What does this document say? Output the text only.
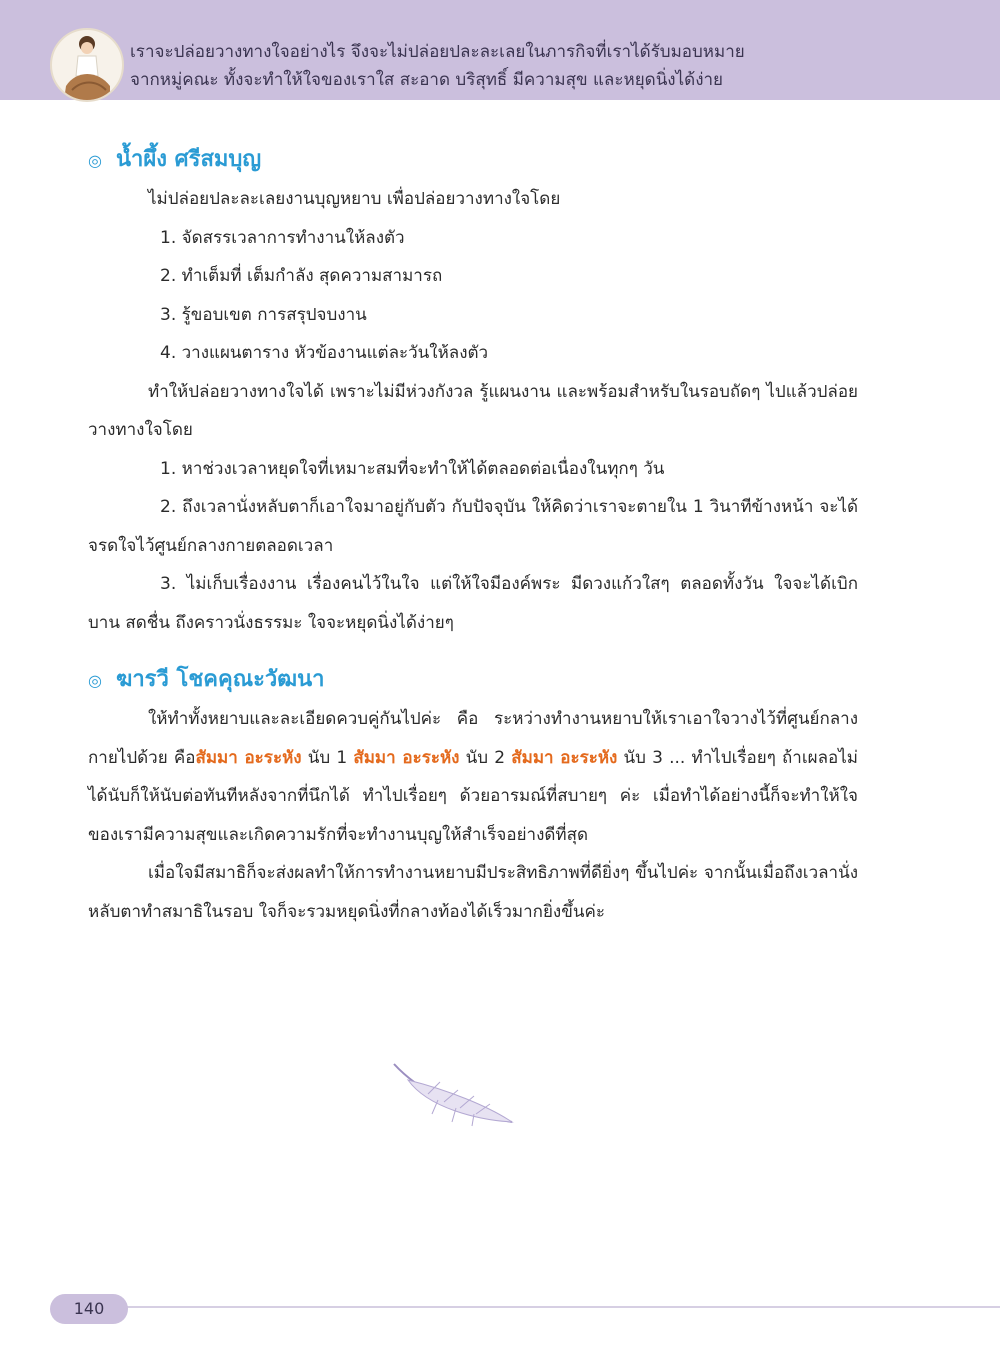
เราจะปล่อยวางทางใจอย่างไร จึงจะไม่ปล่อยปละละเลยในภารกิจที่เราได้รับมอบหมาย
จากหมู่คณะ ทั้งจะทำให้ใจของเราใส สะอาด บริสุทธิ์ มีความสุข และหยุดนิ่งได้ง่าย
◎ น้ำผึ้ง ศรีสมบุญ
ไม่ปล่อยปละละเลยงานบุญหยาบ เพื่อปล่อยวางทางใจโดย
1. จัดสรรเวลาการทำงานให้ลงตัว
2. ทำเต็มที่ เต็มกำลัง สุดความสามารถ
3. รู้ขอบเขต การสรุปจบงาน
4. วางแผนตาราง หัวข้องานแต่ละวันให้ลงตัว
ทำให้ปล่อยวางทางใจได้ เพราะไม่มีห่วงกังวล รู้แผนงาน และพร้อมสำหรับในรอบถัดๆ ไปแล้วปล่อยวางทางใจโดย
1. หาช่วงเวลาหยุดใจที่เหมาะสมที่จะทำให้ได้ตลอดต่อเนื่องในทุกๆ วัน
2. ถึงเวลานั่งหลับตาก็เอาใจมาอยู่กับตัว กับปัจจุบัน ให้คิดว่าเราจะตายใน 1 วินาทีข้างหน้า จะได้จรดใจไว้ศูนย์กลางกายตลอดเวลา
3. ไม่เก็บเรื่องงาน เรื่องคนไว้ในใจ แต่ให้ใจมีองค์พระ มีดวงแก้วใสๆ ตลอดทั้งวัน ใจจะได้เบิกบาน สดชื่น ถึงคราวนั่งธรรมะ ใจจะหยุดนิ่งได้ง่ายๆ
◎ ฆารวี โชคคุณะวัฒนา
ให้ทำทั้งหยาบและละเอียดควบคู่กันไปค่ะ คือ ระหว่างทำงานหยาบให้เราเอาใจวางไว้ที่ศูนย์กลางกายไปด้วย คือสัมมา อะระหัง นับ 1 สัมมา อะระหัง นับ 2 สัมมา อะระหัง นับ 3 ... ทำไปเรื่อยๆ ถ้าเผลอไม่ได้นับก็ให้นับต่อทันทีหลังจากที่นึกได้ ทำไปเรื่อยๆ ด้วยอารมณ์ที่สบายๆ ค่ะ เมื่อทำได้อย่างนี้ก็จะทำให้ใจของเรามีความสุขและเกิดความรักที่จะทำงานบุญให้สำเร็จอย่างดีที่สุด
เมื่อใจมีสมาธิก็จะส่งผลทำให้การทำงานหยาบมีประสิทธิภาพที่ดียิ่งๆ ขึ้นไปค่ะ จากนั้นเมื่อถึงเวลานั่งหลับตาทำสมาธิในรอบ ใจก็จะรวมหยุดนิ่งที่กลางท้องได้เร็วมากยิ่งขึ้นค่ะ
140
